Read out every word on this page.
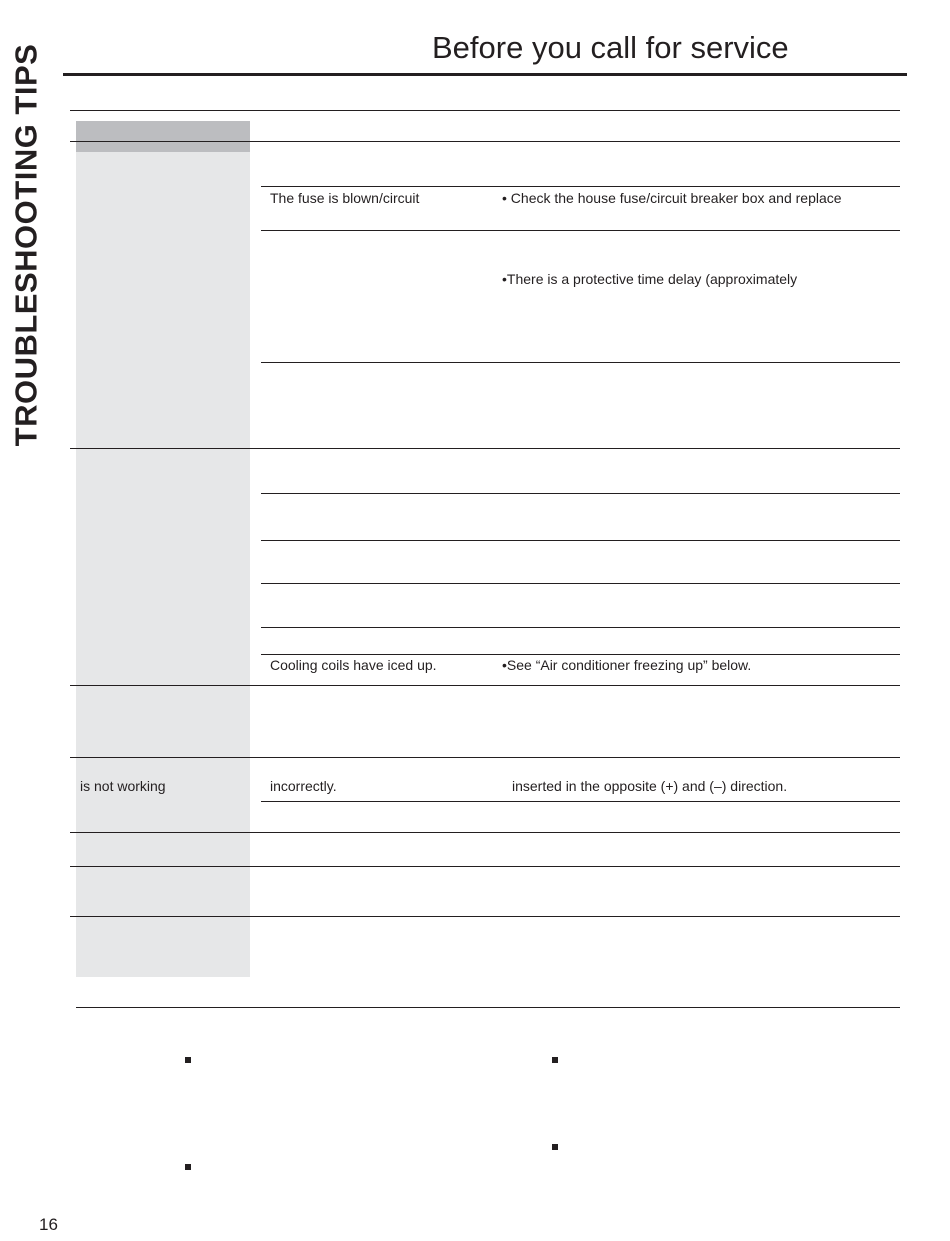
TROUBLESHOOTING TIPS	Before you call for service
The fuse is blown/circuit	• Check the house fuse/circuit breaker box and replace
•There is a protective time delay (approximately
Cooling coils have iced up.	•See “Air conditioner freezing up” below.
is not working	incorrectly.	inserted in the opposite (+) and (–) direction.
16
